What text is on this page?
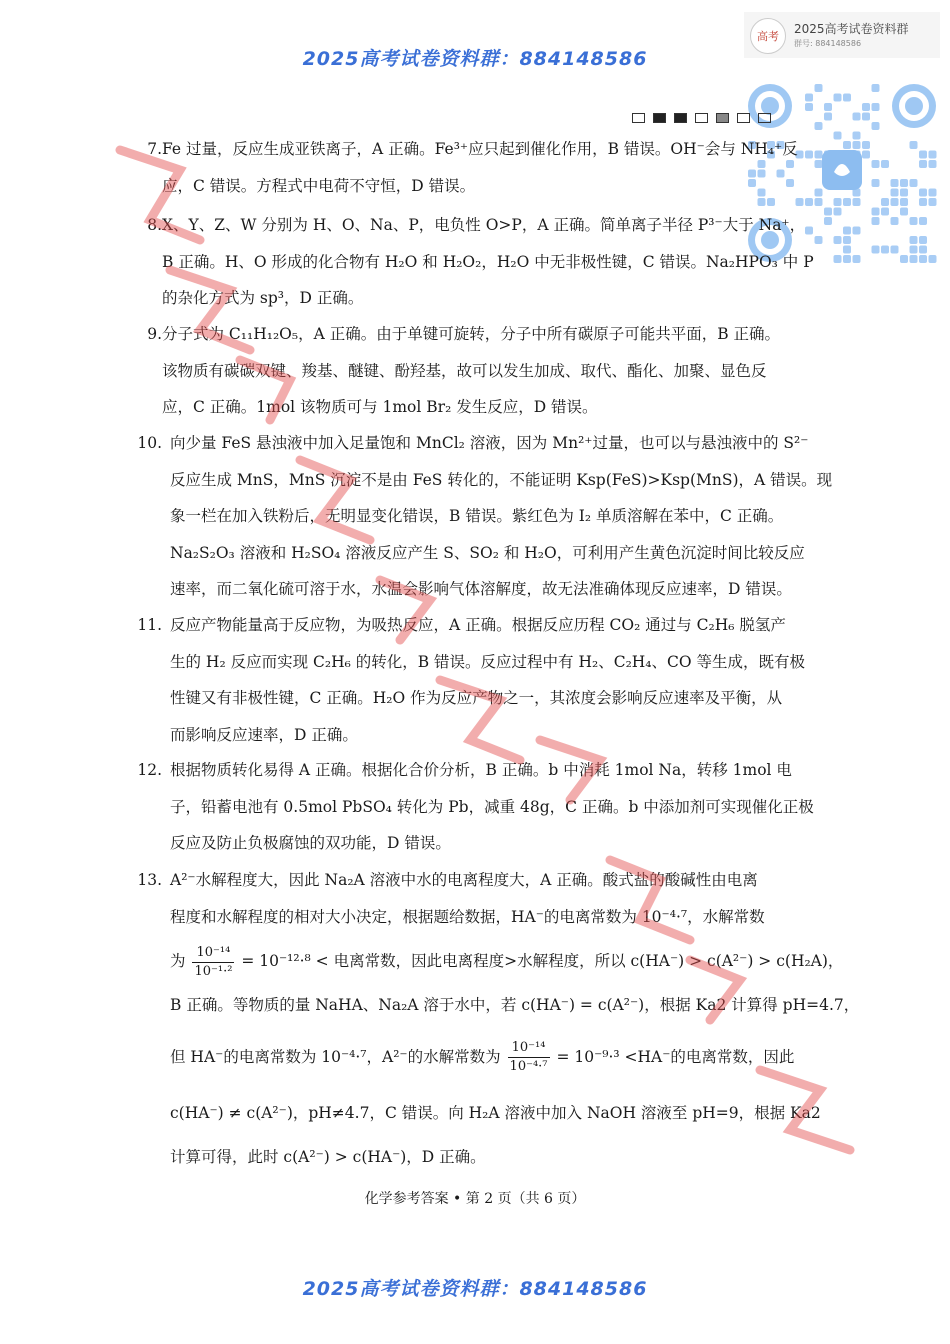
2025高考试卷资料群：884148586
高考
2025高考试卷资料群
群号: 884148586
7. Fe 过量，反应生成亚铁离子，A 正确。Fe³⁺应只起到催化作用，B 错误。OH⁻会与 NH₄⁺反

应，C 错误。方程式中电荷不守恒，D 错误。

8. X、Y、Z、W 分别为 H、O、Na、P，电负性 O>P，A 正确。简单离子半径 P³⁻大于 Na⁺，

B 正确。H、O 形成的化合物有 H₂O 和 H₂O₂，H₂O 中无非极性键，C 错误。Na₂HPO₃ 中 P

的杂化方式为 sp³，D 正确。

9. 分子式为 C₁₁H₁₂O₅，A 正确。由于单键可旋转，分子中所有碳原子可能共平面，B 正确。

该物质有碳碳双键、羧基、醚键、酚羟基，故可以发生加成、取代、酯化、加聚、显色反

应，C 正确。1mol 该物质可与 1mol Br₂ 发生反应，D 错误。

10. 向少量 FeS 悬浊液中加入足量饱和 MnCl₂ 溶液，因为 Mn²⁺过量，也可以与悬浊液中的 S²⁻

反应生成 MnS，MnS 沉淀不是由 FeS 转化的，不能证明 Ksp(FeS)>Ksp(MnS)，A 错误。现

象一栏在加入铁粉后，无明显变化错误，B 错误。紫红色为 I₂ 单质溶解在苯中，C 正确。

Na₂S₂O₃ 溶液和 H₂SO₄ 溶液反应产生 S、SO₂ 和 H₂O，可利用产生黄色沉淀时间比较反应

速率，而二氧化硫可溶于水，水温会影响气体溶解度，故无法准确体现反应速率，D 错误。

11. 反应产物能量高于反应物，为吸热反应，A 正确。根据反应历程 CO₂ 通过与 C₂H₆ 脱氢产

生的 H₂ 反应而实现 C₂H₆ 的转化，B 错误。反应过程中有 H₂、C₂H₄、CO 等生成，既有极

性键又有非极性键，C 正确。H₂O 作为反应产物之一，其浓度会影响反应速率及平衡，从

而影响反应速率，D 正确。

12. 根据物质转化易得 A 正确。根据化合价分析，B 正确。b 中消耗 1mol Na，转移 1mol 电

子，铅蓄电池有 0.5mol PbSO₄ 转化为 Pb，减重 48g，C 正确。b 中添加剂可实现催化正极

反应及防止负极腐蚀的双功能，D 错误。

13. A²⁻水解程度大，因此 Na₂A 溶液中水的电离程度大，A 正确。酸式盐的酸碱性由电离

程度和水解程度的相对大小决定，根据题给数据，HA⁻的电离常数为 10⁻⁴·⁷，水解常数

为 $\frac{\text{10⁻¹⁴}}{\text{10⁻¹·²}} = 10^{-12}\cdot^8$ < 电离常数，因此电离程度>水解程度，所以 c(HA⁻) > c(A²⁻) > c(H₂A)，

B 正确。等物质的量 NaHA、Na₂A 溶于水中，若 c(HA⁻) = c(A²⁻)，根据 Ka2 计算得 pH=4.7，

但 HA⁻的电离常数为 10⁻⁴·⁷，A²⁻的水解常数为 $\frac{\text{10⁻¹⁴}}{\text{10⁻⁴·⁷}} = 10^{-9}\cdot^3 <HA^-$的电离常数，因此

c(HA⁻) ≠ c(A²⁻)，pH≠4.7，C 错误。向 H₂A 溶液中加入 NaOH 溶液至 pH=9，根据 Ka2

计算可得，此时 c(A²⁻) > c(HA⁻)，D 正确。

化学参考答案 • 第 2 页（共 6 页）
2025高考试卷资料群：884148586
